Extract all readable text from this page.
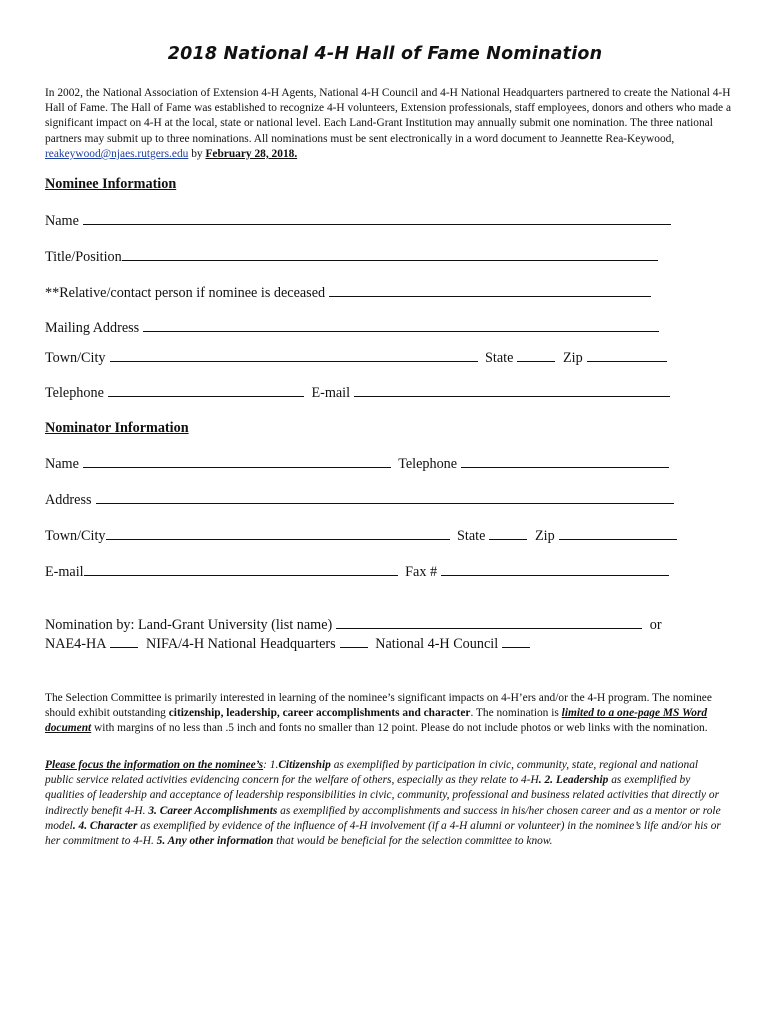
2018 National 4-H Hall of Fame Nomination
In 2002, the National Association of Extension 4-H Agents, National 4-H Council and 4-H National Headquarters partnered to create the National 4-H Hall of Fame. The Hall of Fame was established to recognize 4-H volunteers, Extension professionals, staff employees, donors and others who made a significant impact on 4-H at the local, state or national level. Each Land-Grant Institution may annually submit one nomination. The three national partners may submit up to three nominations. All nominations must be sent electronically in a word document to Jeannette Rea-Keywood, reakeywood@njaes.rutgers.edu by February 28, 2018.
Nominee Information
Name
Title/Position
**Relative/contact person if nominee is deceased
Mailing Address
Town/City	State	Zip
Telephone	E-mail
Nominator Information
Name	Telephone
Address
Town/City	State	Zip
E-mail	Fax #
Nomination by: Land-Grant University (list name)	or
NAE4-HA	NIFA/4-H National Headquarters	National 4-H Council
The Selection Committee is primarily interested in learning of the nominee’s significant impacts on 4-H’ers and/or the 4-H program. The nominee should exhibit outstanding citizenship, leadership, career accomplishments and character. The nomination is limited to a one-page MS Word document with margins of no less than .5 inch and fonts no smaller than 12 point. Please do not include photos or web links with the nomination.
Please focus the information on the nominee’s: 1.Citizenship as exemplified by participation in civic, community, state, regional and national public service related activities evidencing concern for the welfare of others, especially as they relate to 4-H. 2. Leadership as exemplified by qualities of leadership and acceptance of leadership responsibilities in civic, community, professional and business related activities that directly or indirectly benefit 4-H. 3. Career Accomplishments as exemplified by accomplishments and success in his/her chosen career and as a mentor or role model. 4. Character as exemplified by evidence of the influence of 4-H involvement (if a 4-H alumni or volunteer) in the nominee’s life and/or his or her commitment to 4-H. 5. Any other information that would be beneficial for the selection committee to know.
